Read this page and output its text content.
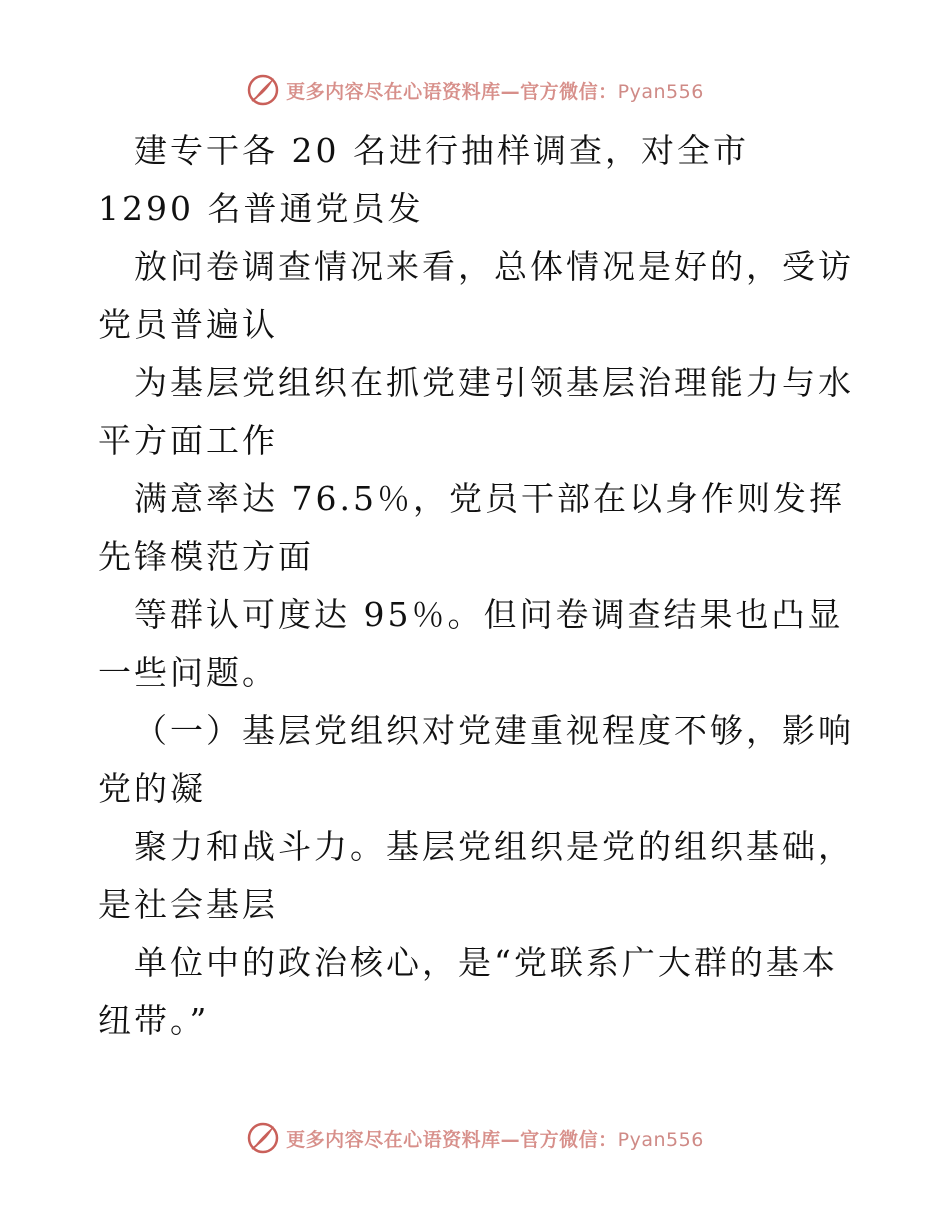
更多内容尽在心语资料库—官方微信：Pyan556

建专干各 20 名进行抽样调查，对全市 1290 名普通党员发

放问卷调查情况来看，总体情况是好的，受访党员普遍认

为基层党组织在抓党建引领基层治理能力与水平方面工作

满意率达 76.5％，党员干部在以身作则发挥先锋模范方面

等群认可度达 95％。但问卷调查结果也凸显一些问题。

（一）基层党组织对党建重视程度不够，影响党的凝

聚力和战斗力。基层党组织是党的组织基础，是社会基层

单位中的政治核心，是“党联系广大群的基本纽带。”

更多内容尽在心语资料库—官方微信：Pyan556
